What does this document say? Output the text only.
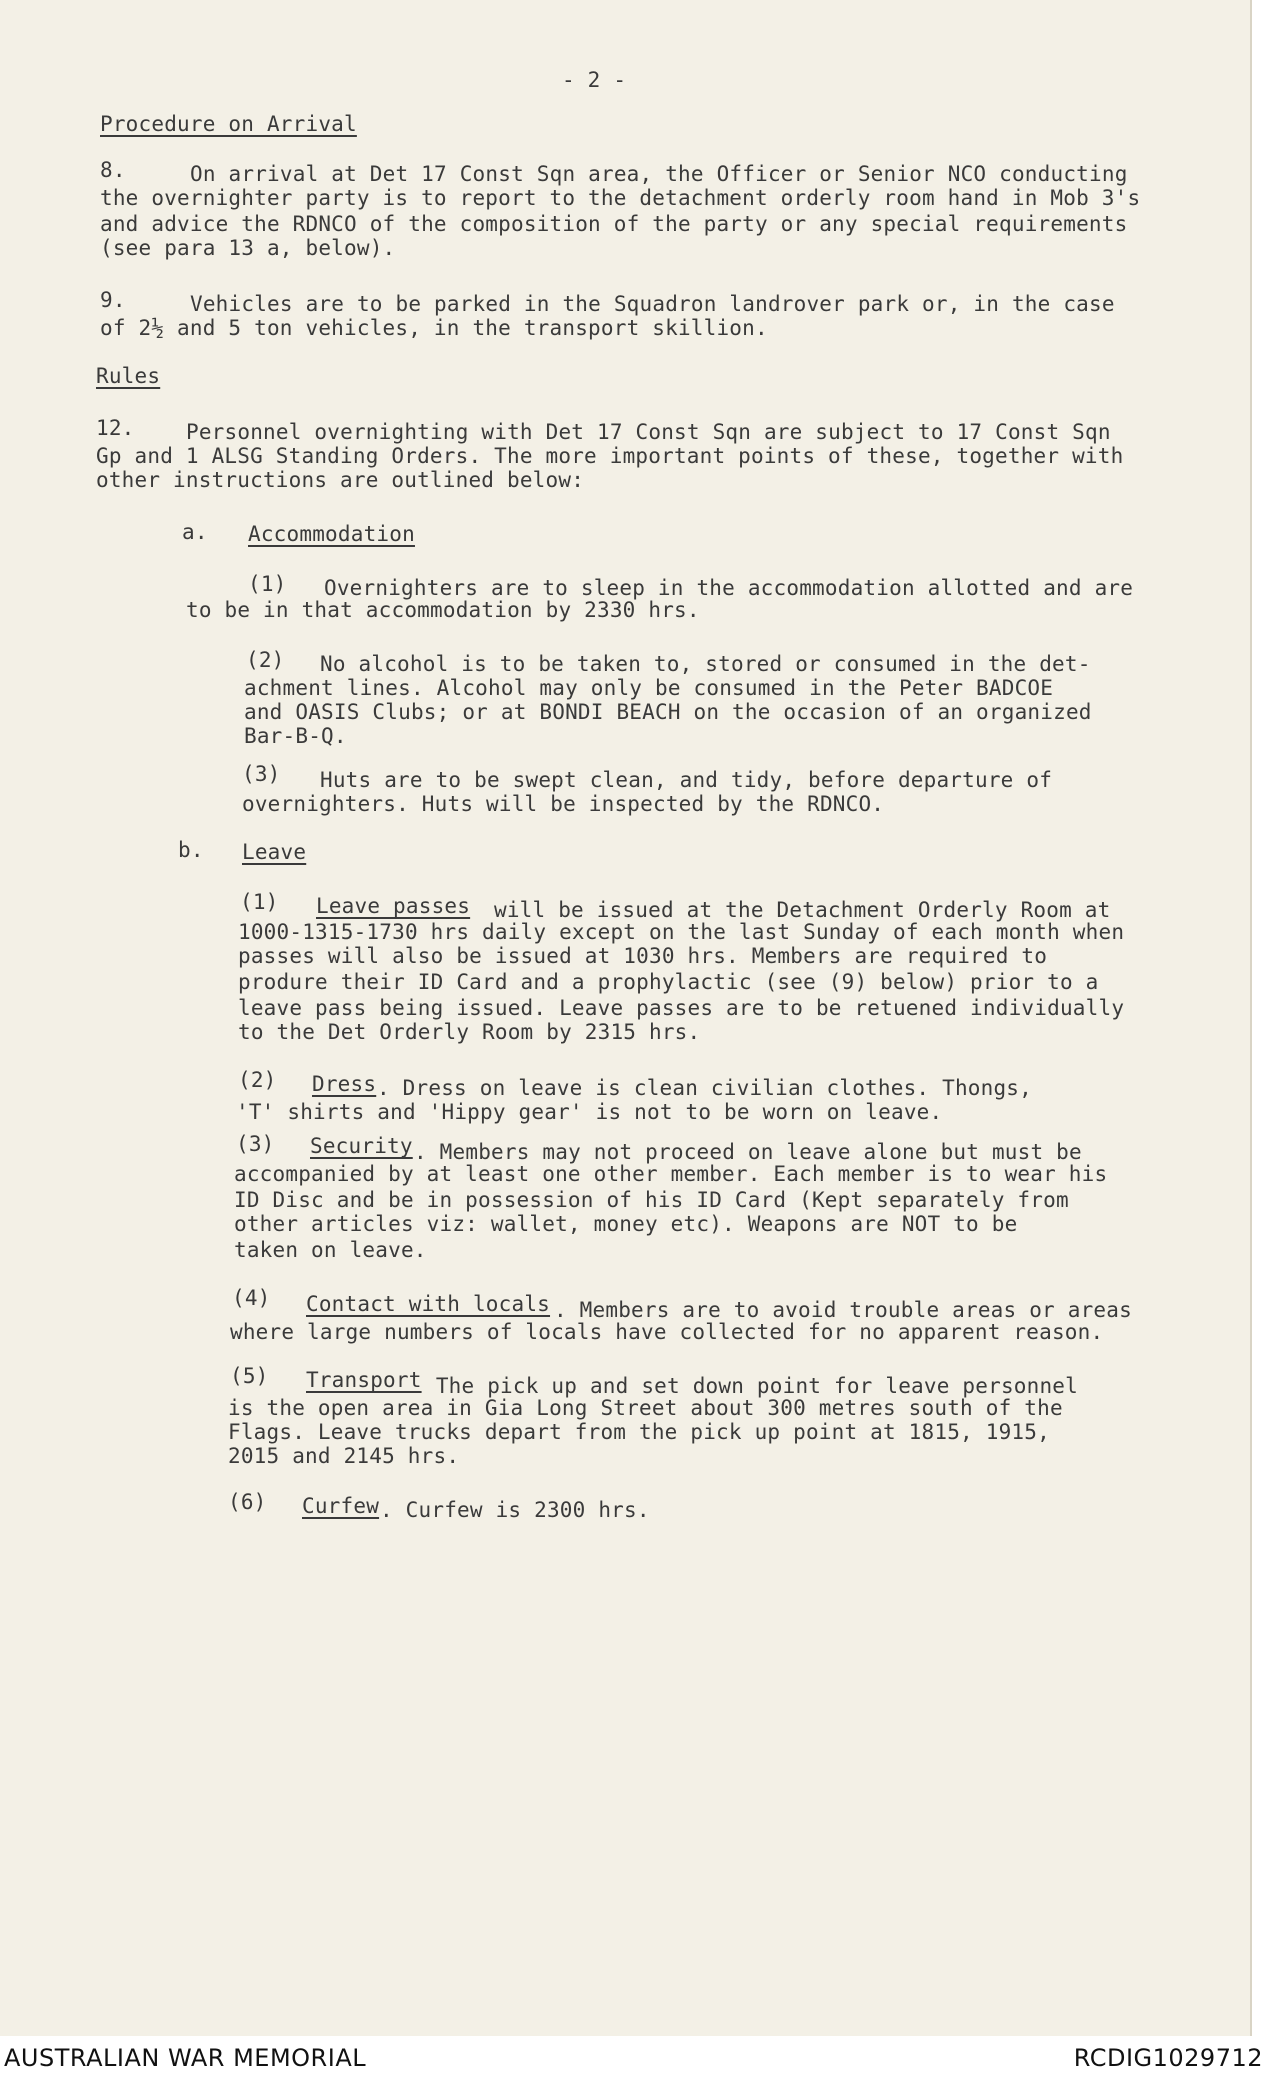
- 2 -
Procedure on Arrival
8.	On arrival at Det 17 Const Sqn area, the Officer or Senior NCO conducting
the overnighter party is to report to the detachment orderly room hand in Mob 3's
and advice the RDNCO of the composition of the party or any special requirements
(see para 13 a, below).
9.	Vehicles are to be parked in the Squadron landrover park or, in the case
of 2½ and 5 ton vehicles, in the transport skillion.
Rules
12. Personnel overnighting with Det 17 Const Sqn are subject to 17 Const Sqn
Gp and 1 ALSG Standing Orders. The more important points of these, together with
other instructions are outlined below:
a. Accommodation
(1) Overnighters are to sleep in the accommodation allotted and are
to be in that accommodation by 2330 hrs.
(2) No alcohol is to be taken to, stored or consumed in the det-
achment lines. Alcohol may only be consumed in the Peter BADCOE
and OASIS Clubs; or at BONDI BEACH on the occasion of an organized
Bar-B-Q.
(3) Huts are to be swept clean, and tidy, before departure of
overnighters. Huts will be inspected by the RDNCO.
b. Leave
(1) Leave passes will be issued at the Detachment Orderly Room at
1000-1315-1730 hrs daily except on the last Sunday of each month when
passes will also be issued at 1030 hrs. Members are required to
produre their ID Card and a prophylactic (see (9) below) prior to a
leave pass being issued. Leave passes are to be retuened individually
to the Det Orderly Room by 2315 hrs.
(2) Dress . Dress on leave is clean civilian clothes. Thongs,
'T' shirts and 'Hippy gear' is not to be worn on leave.
(3) Security . Members may not proceed on leave alone but must be
accompanied by at least one other member. Each member is to wear his
ID Disc and be in possession of his ID Card (Kept separately from
other articles viz: wallet, money etc). Weapons are NOT to be
taken on leave.
(4) Contact with locals . Members are to avoid trouble areas or areas
where large numbers of locals have collected for no apparent reason.
(5) Transport The pick up and set down point for leave personnel
is the open area in Gia Long Street about 300 metres south of the
Flags. Leave trucks depart from the pick up point at 1815, 1915,
2015 and 2145 hrs.
(6) Curfew . Curfew is 2300 hrs.
AUSTRALIAN WAR MEMORIAL	RCDIG1029712
